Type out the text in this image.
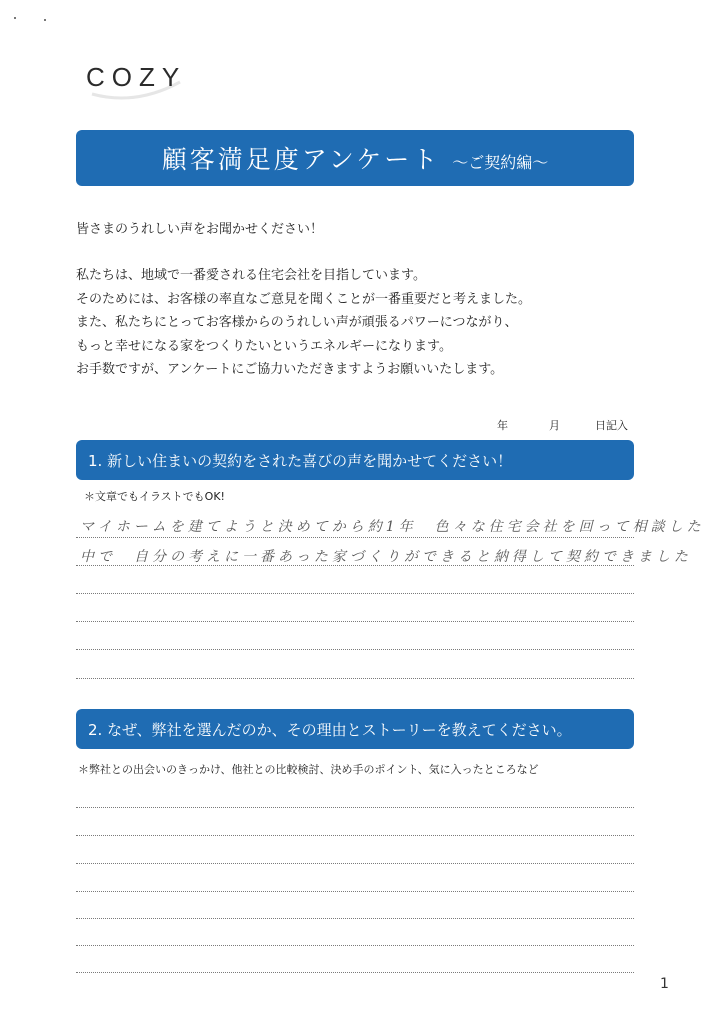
COZY
顧客満足度アンケート ～ご契約編～
皆さまのうれしい声をお聞かせください！
私たちは、地域で一番愛される住宅会社を目指しています。
そのためには、お客様の率直なご意見を聞くことが一番重要だと考えました。
また、私たちにとってお客様からのうれしい声が頑張るパワーにつながり、
もっと幸せになる家をつくりたいというエネルギーになります。
お手数ですが、アンケートにご協力いただきますようお願いいたします。
年	月	日記入
1. 新しい住まいの契約をされた喜びの声を聞かせてください！
＊文章でもイラストでもOK!
マイホームを建てようと決めてから約1年　色々な住宅会社を回って相談した
中で　自分の考えに一番あった家づくりができると納得して契約できました
2. なぜ、弊社を選んだのか、その理由とストーリーを教えてください。
＊弊社との出会いのきっかけ、他社との比較検討、決め手のポイント、気に入ったところなど
1
